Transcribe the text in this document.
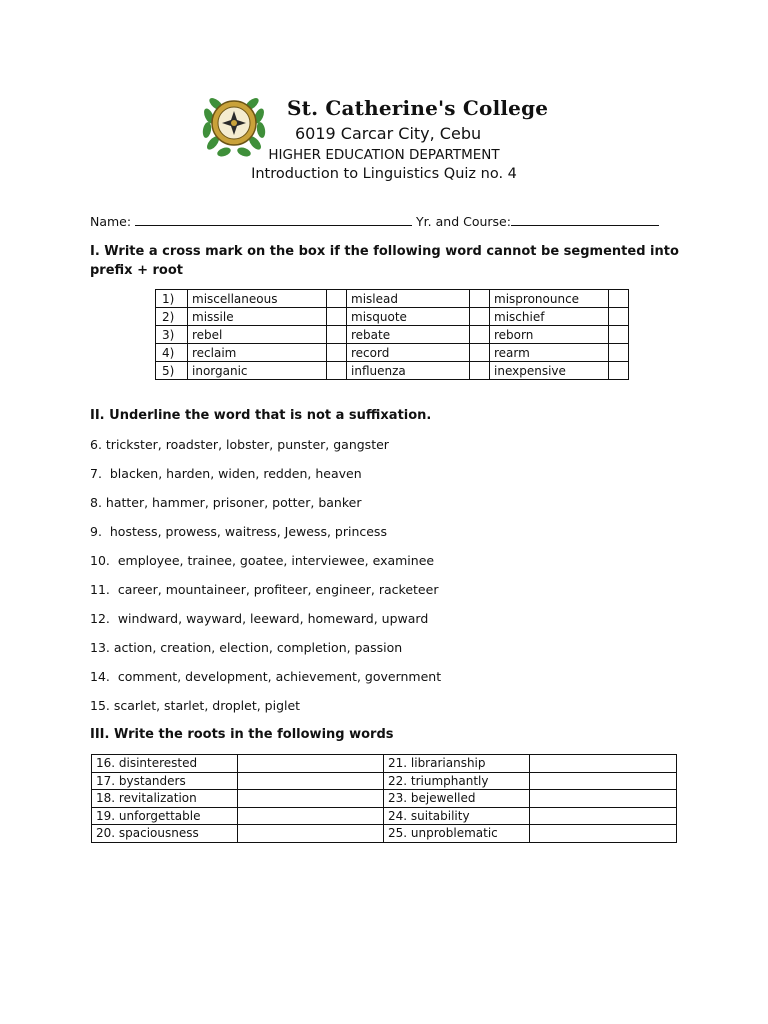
St. Catherine's College
6019 Carcar City, Cebu
HIGHER EDUCATION DEPARTMENT
Introduction to Linguistics Quiz no. 4
Name:	Yr. and Course:
I. Write a cross mark on the box if the following word cannot be segmented into prefix + root
1)	miscellaneous		mislead		mispronounce	
2)	missile		misquote		mischief	
3)	rebel		rebate		reborn	
4)	reclaim		record		rearm	
5)	inorganic		influenza		inexpensive	
II. Underline the word that is not a suffixation.
6. trickster, roadster, lobster, punster, gangster
7.  blacken, harden, widen, redden, heaven
8. hatter, hammer, prisoner, potter, banker
9.  hostess, prowess, waitress, Jewess, princess
10.  employee, trainee, goatee, interviewee, examinee
11.  career, mountaineer, profiteer, engineer, racketeer
12.  windward, wayward, leeward, homeward, upward
13. action, creation, election, completion, passion
14.  comment, development, achievement, government
15. scarlet, starlet, droplet, piglet
III. Write the roots in the following words
16. disinterested		21. librarianship	
17. bystanders		22. triumphantly	
18. revitalization		23. bejewelled	
19. unforgettable		24. suitability	
20. spaciousness		25. unproblematic	
